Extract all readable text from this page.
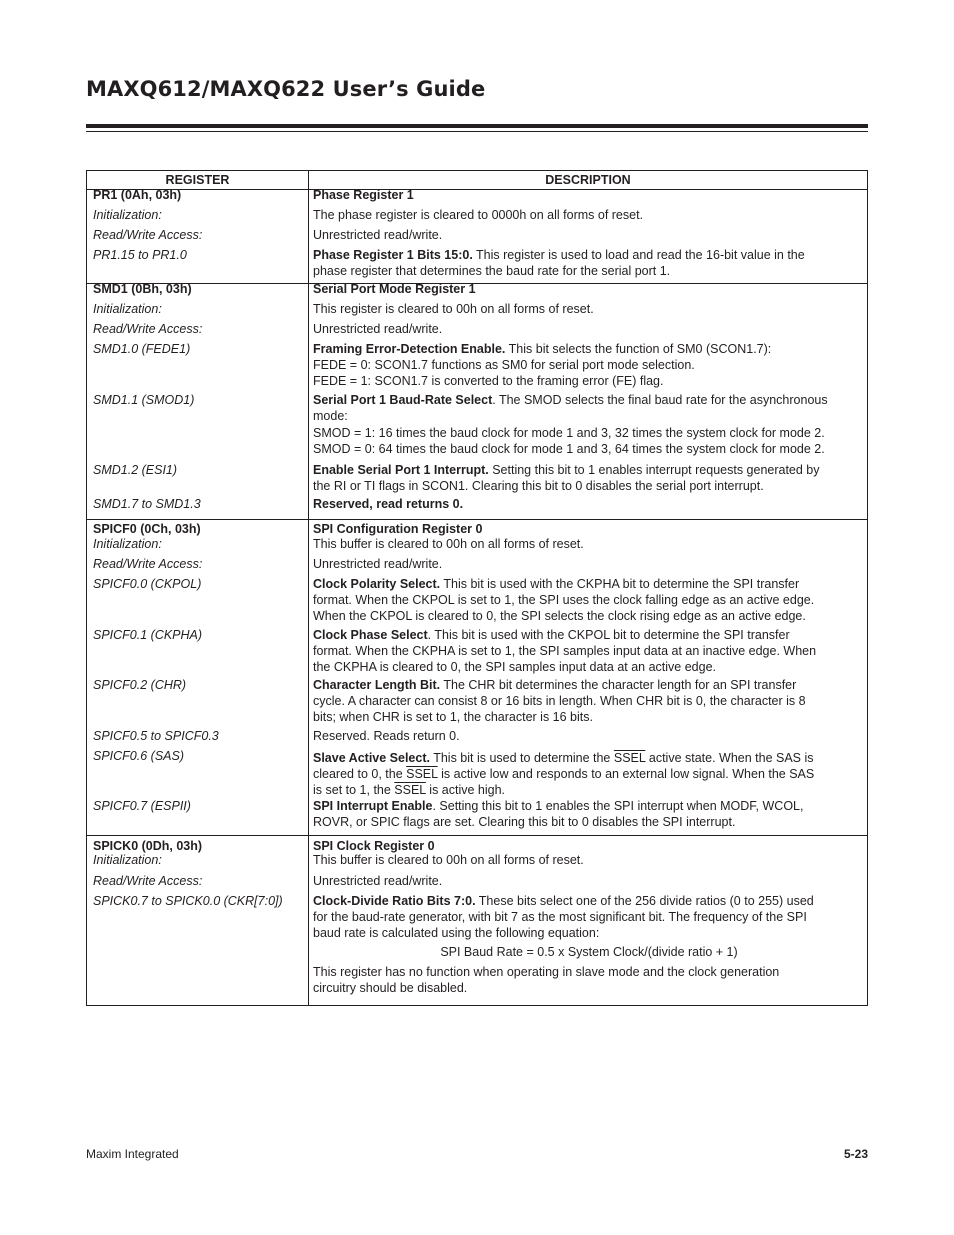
MAXQ612/MAXQ622 User’s Guide
REGISTER	DESCRIPTION
PR1 (0Ah, 03h)	Phase Register 1
Initialization:	The phase register is cleared to 0000h on all forms of reset.
Read/Write Access:	Unrestricted read/write.
PR1.15 to PR1.0	Phase Register 1 Bits 15:0. This register is used to load and read the 16-bit value in the
phase register that determines the baud rate for the serial port 1.
SMD1 (0Bh, 03h)	Serial Port Mode Register 1
Initialization:	This register is cleared to 00h on all forms of reset.
Read/Write Access:	Unrestricted read/write.
SMD1.0 (FEDE1)	Framing Error-Detection Enable. This bit selects the function of SM0 (SCON1.7):
FEDE = 0: SCON1.7 functions as SM0 for serial port mode selection.
FEDE = 1: SCON1.7 is converted to the framing error (FE) flag.
SMD1.1 (SMOD1)	Serial Port 1 Baud-Rate Select. The SMOD selects the final baud rate for the asynchronous
mode:
SMOD = 1: 16 times the baud clock for mode 1 and 3, 32 times the system clock for mode 2.
SMOD = 0: 64 times the baud clock for mode 1 and 3, 64 times the system clock for mode 2.
SMD1.2 (ESI1)	Enable Serial Port 1 Interrupt. Setting this bit to 1 enables interrupt requests generated by
the RI or TI flags in SCON1. Clearing this bit to 0 disables the serial port interrupt.
SMD1.7 to SMD1.3	Reserved, read returns 0.
SPICF0 (0Ch, 03h)	SPI Configuration Register 0
Initialization:	This buffer is cleared to 00h on all forms of reset.
Read/Write Access:	Unrestricted read/write.
SPICF0.0 (CKPOL)	Clock Polarity Select. This bit is used with the CKPHA bit to determine the SPI transfer
format. When the CKPOL is set to 1, the SPI uses the clock falling edge as an active edge.
When the CKPOL is cleared to 0, the SPI selects the clock rising edge as an active edge.
SPICF0.1 (CKPHA)	Clock Phase Select. This bit is used with the CKPOL bit to determine the SPI transfer
format. When the CKPHA is set to 1, the SPI samples input data at an inactive edge. When
the CKPHA is cleared to 0, the SPI samples input data at an active edge.
SPICF0.2 (CHR)	Character Length Bit. The CHR bit determines the character length for an SPI transfer
cycle. A character can consist 8 or 16 bits in length. When CHR bit is 0, the character is 8
bits; when CHR is set to 1, the character is 16 bits.
SPICF0.5 to SPICF0.3	Reserved. Reads return 0.
SPICF0.6 (SAS)	Slave Active Select. This bit is used to determine the SSEL active state. When the SAS is
cleared to 0, the SSEL is active low and responds to an external low signal. When the SAS
is set to 1, the SSEL is active high.
SPICF0.7 (ESPII)	SPI Interrupt Enable. Setting this bit to 1 enables the SPI interrupt when MODF, WCOL,
ROVR, or SPIC flags are set. Clearing this bit to 0 disables the SPI interrupt.
SPICK0 (0Dh, 03h)	SPI Clock Register 0
Initialization:	This buffer is cleared to 00h on all forms of reset.
Read/Write Access:	Unrestricted read/write.
SPICK0.7 to SPICK0.0 (CKR[7:0])	Clock-Divide Ratio Bits 7:0. These bits select one of the 256 divide ratios (0 to 255) used
for the baud-rate generator, with bit 7 as the most significant bit. The frequency of the SPI
baud rate is calculated using the following equation:
SPI Baud Rate = 0.5 x System Clock/(divide ratio + 1)
This register has no function when operating in slave mode and the clock generation
circuitry should be disabled.
Maxim Integrated	5-23
